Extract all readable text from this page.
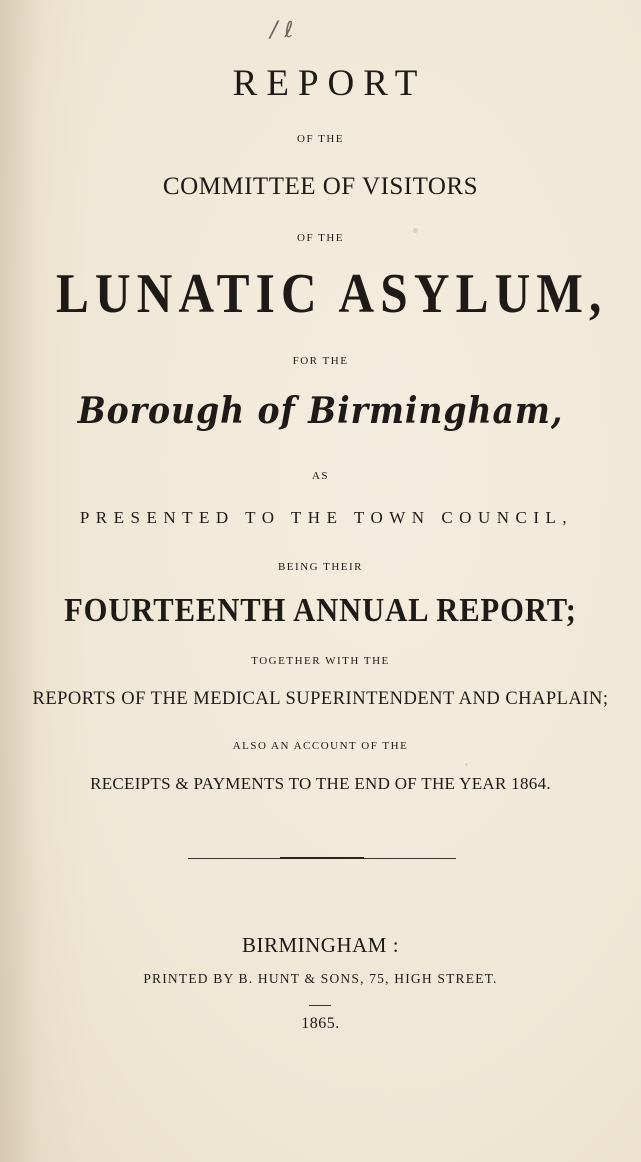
/ ℓ
REPORT
OF THE
COMMITTEE OF VISITORS
OF THE
LUNATIC ASYLUM,
FOR THE
Borough of Birmingham,
AS
PRESENTED TO THE TOWN COUNCIL,
BEING THEIR
FOURTEENTH ANNUAL REPORT;
TOGETHER WITH THE
REPORTS OF THE MEDICAL SUPERINTENDENT AND CHAPLAIN;
ALSO AN ACCOUNT OF THE
RECEIPTS & PAYMENTS TO THE END OF THE YEAR 1864.
BIRMINGHAM :
PRINTED BY B. HUNT & SONS, 75, HIGH STREET.
1865.
